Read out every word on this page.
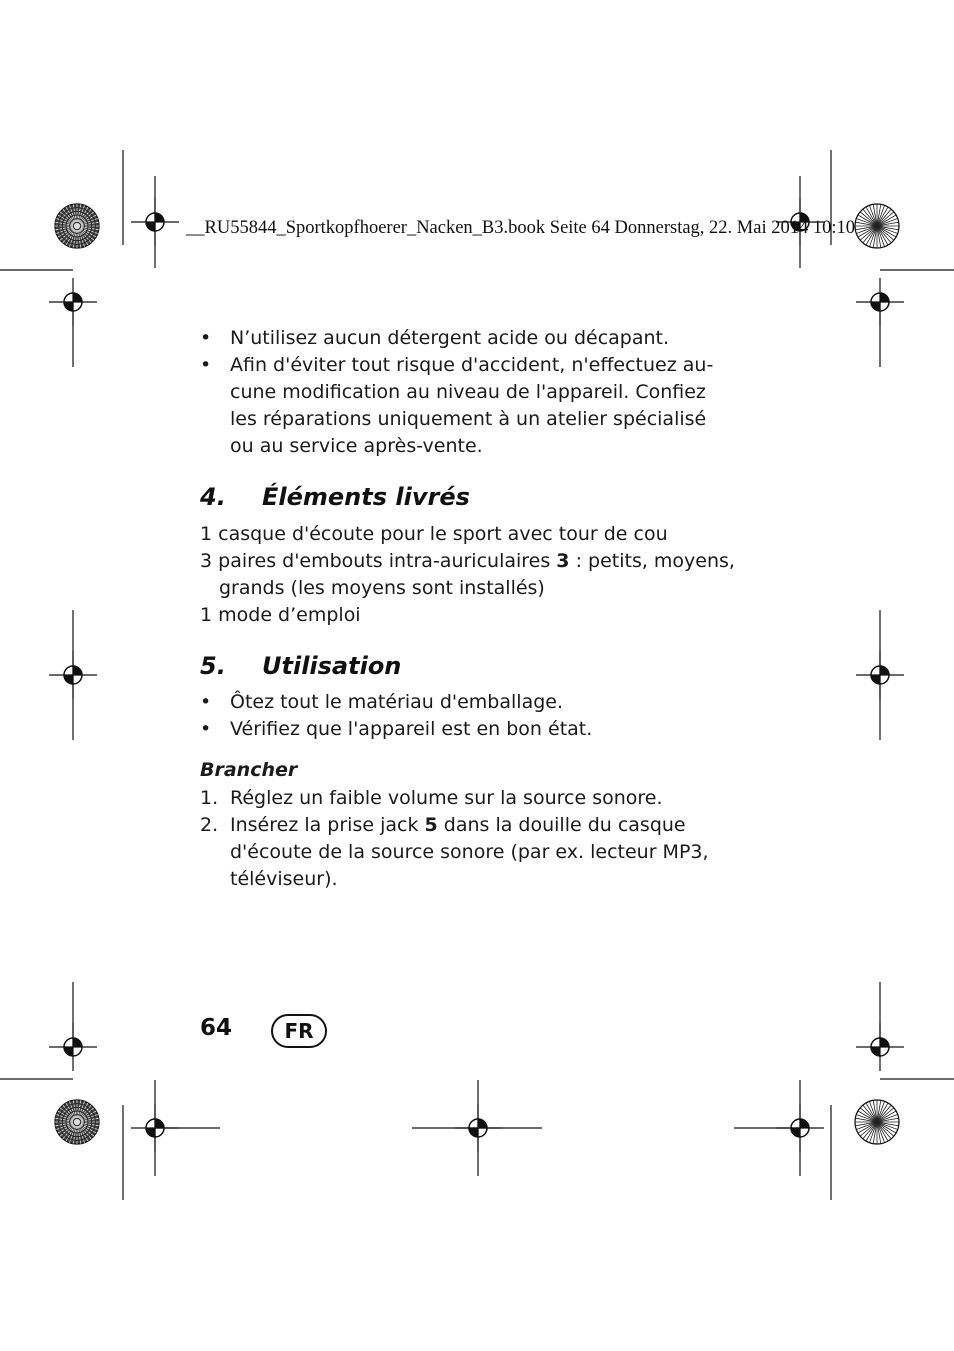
__RU55844_Sportkopfhoerer_Nacken_B3.book Seite 64 Donnerstag, 22. Mai 2014 10:10
• N’utilisez aucun détergent acide ou décapant.
• Afin d'éviter tout risque d'accident, n'effectuez au-
cune modification au niveau de l'appareil. Confiez
les réparations uniquement à un atelier spécialisé
ou au service après-vente.
4. Éléments livrés
1 casque d'écoute pour le sport avec tour de cou
3 paires d'embouts intra-auriculaires 3 : petits, moyens,
grands (les moyens sont installés)
1 mode d’emploi
5. Utilisation
• Ôtez tout le matériau d'emballage.
• Vérifiez que l'appareil est en bon état.
Brancher
1. Réglez un faible volume sur la source sonore.
2. Insérez la prise jack 5 dans la douille du casque
d'écoute de la source sonore (par ex. lecteur MP3,
téléviseur).
64	FR
